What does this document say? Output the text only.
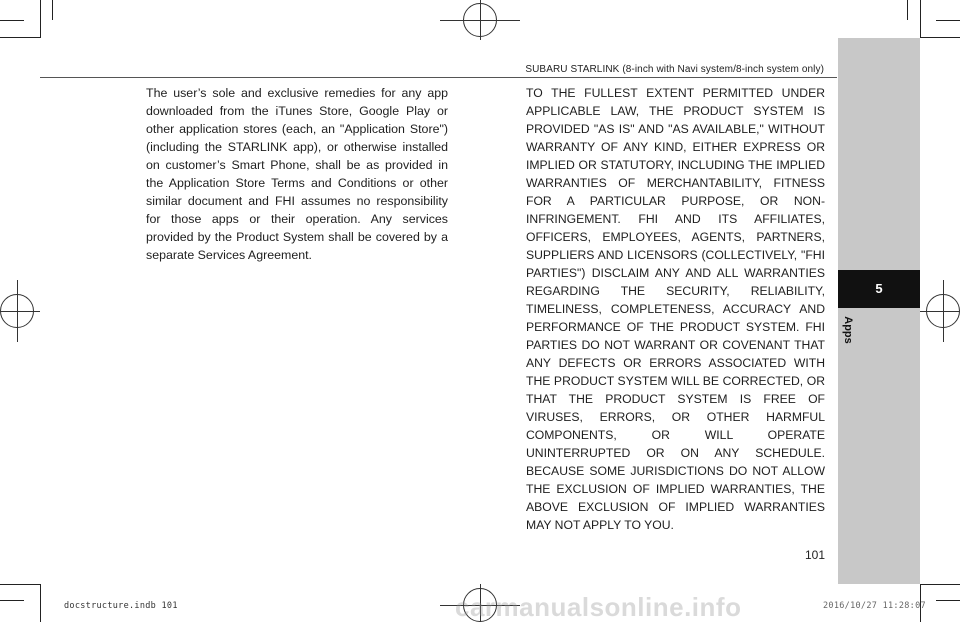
5
Apps
SUBARU STARLINK (8-inch with Navi system/8-inch system only)
The user’s sole and exclusive remedies for any app downloaded from the iTunes Store, Google Play or other application stores (each, an "Application Store") (including the STARLINK app), or otherwise installed on customer’s Smart Phone, shall be as provided in the Application Store Terms and Conditions or other similar document and FHI assumes no responsibility for those apps or their operation. Any services provided by the Product System shall be covered by a separate Services Agreement.
TO THE FULLEST EXTENT PERMITTED UNDER APPLICABLE LAW, THE PRODUCT SYSTEM IS PROVIDED "AS IS" AND "AS AVAILABLE," WITHOUT WARRANTY OF ANY KIND, EITHER EXPRESS OR IMPLIED OR STATUTORY, INCLUDING THE IMPLIED WARRANTIES OF MERCHANTABILITY, FITNESS FOR A PARTICULAR PURPOSE, OR NON-INFRINGEMENT. FHI AND ITS AFFILIATES, OFFICERS, EMPLOYEES, AGENTS, PARTNERS, SUPPLIERS AND LICENSORS (COLLECTIVELY, "FHI PARTIES") DISCLAIM ANY AND ALL WARRANTIES REGARDING THE SECURITY, RELIABILITY, TIMELINESS, COMPLETENESS, ACCURACY AND PERFORMANCE OF THE PRODUCT SYSTEM. FHI PARTIES DO NOT WARRANT OR COVENANT THAT ANY DEFECTS OR ERRORS ASSOCIATED WITH THE PRODUCT SYSTEM WILL BE CORRECTED, OR THAT THE PRODUCT SYSTEM IS FREE OF VIRUSES, ERRORS, OR OTHER HARMFUL COMPONENTS, OR WILL OPERATE UNINTERRUPTED OR ON ANY SCHEDULE. BECAUSE SOME JURISDICTIONS DO NOT ALLOW THE EXCLUSION OF IMPLIED WARRANTIES, THE ABOVE EXCLUSION OF IMPLIED WARRANTIES MAY NOT APPLY TO YOU.
101
docstructure.indb 101	2016/10/27 11:28:07
carmanualsonline.info
